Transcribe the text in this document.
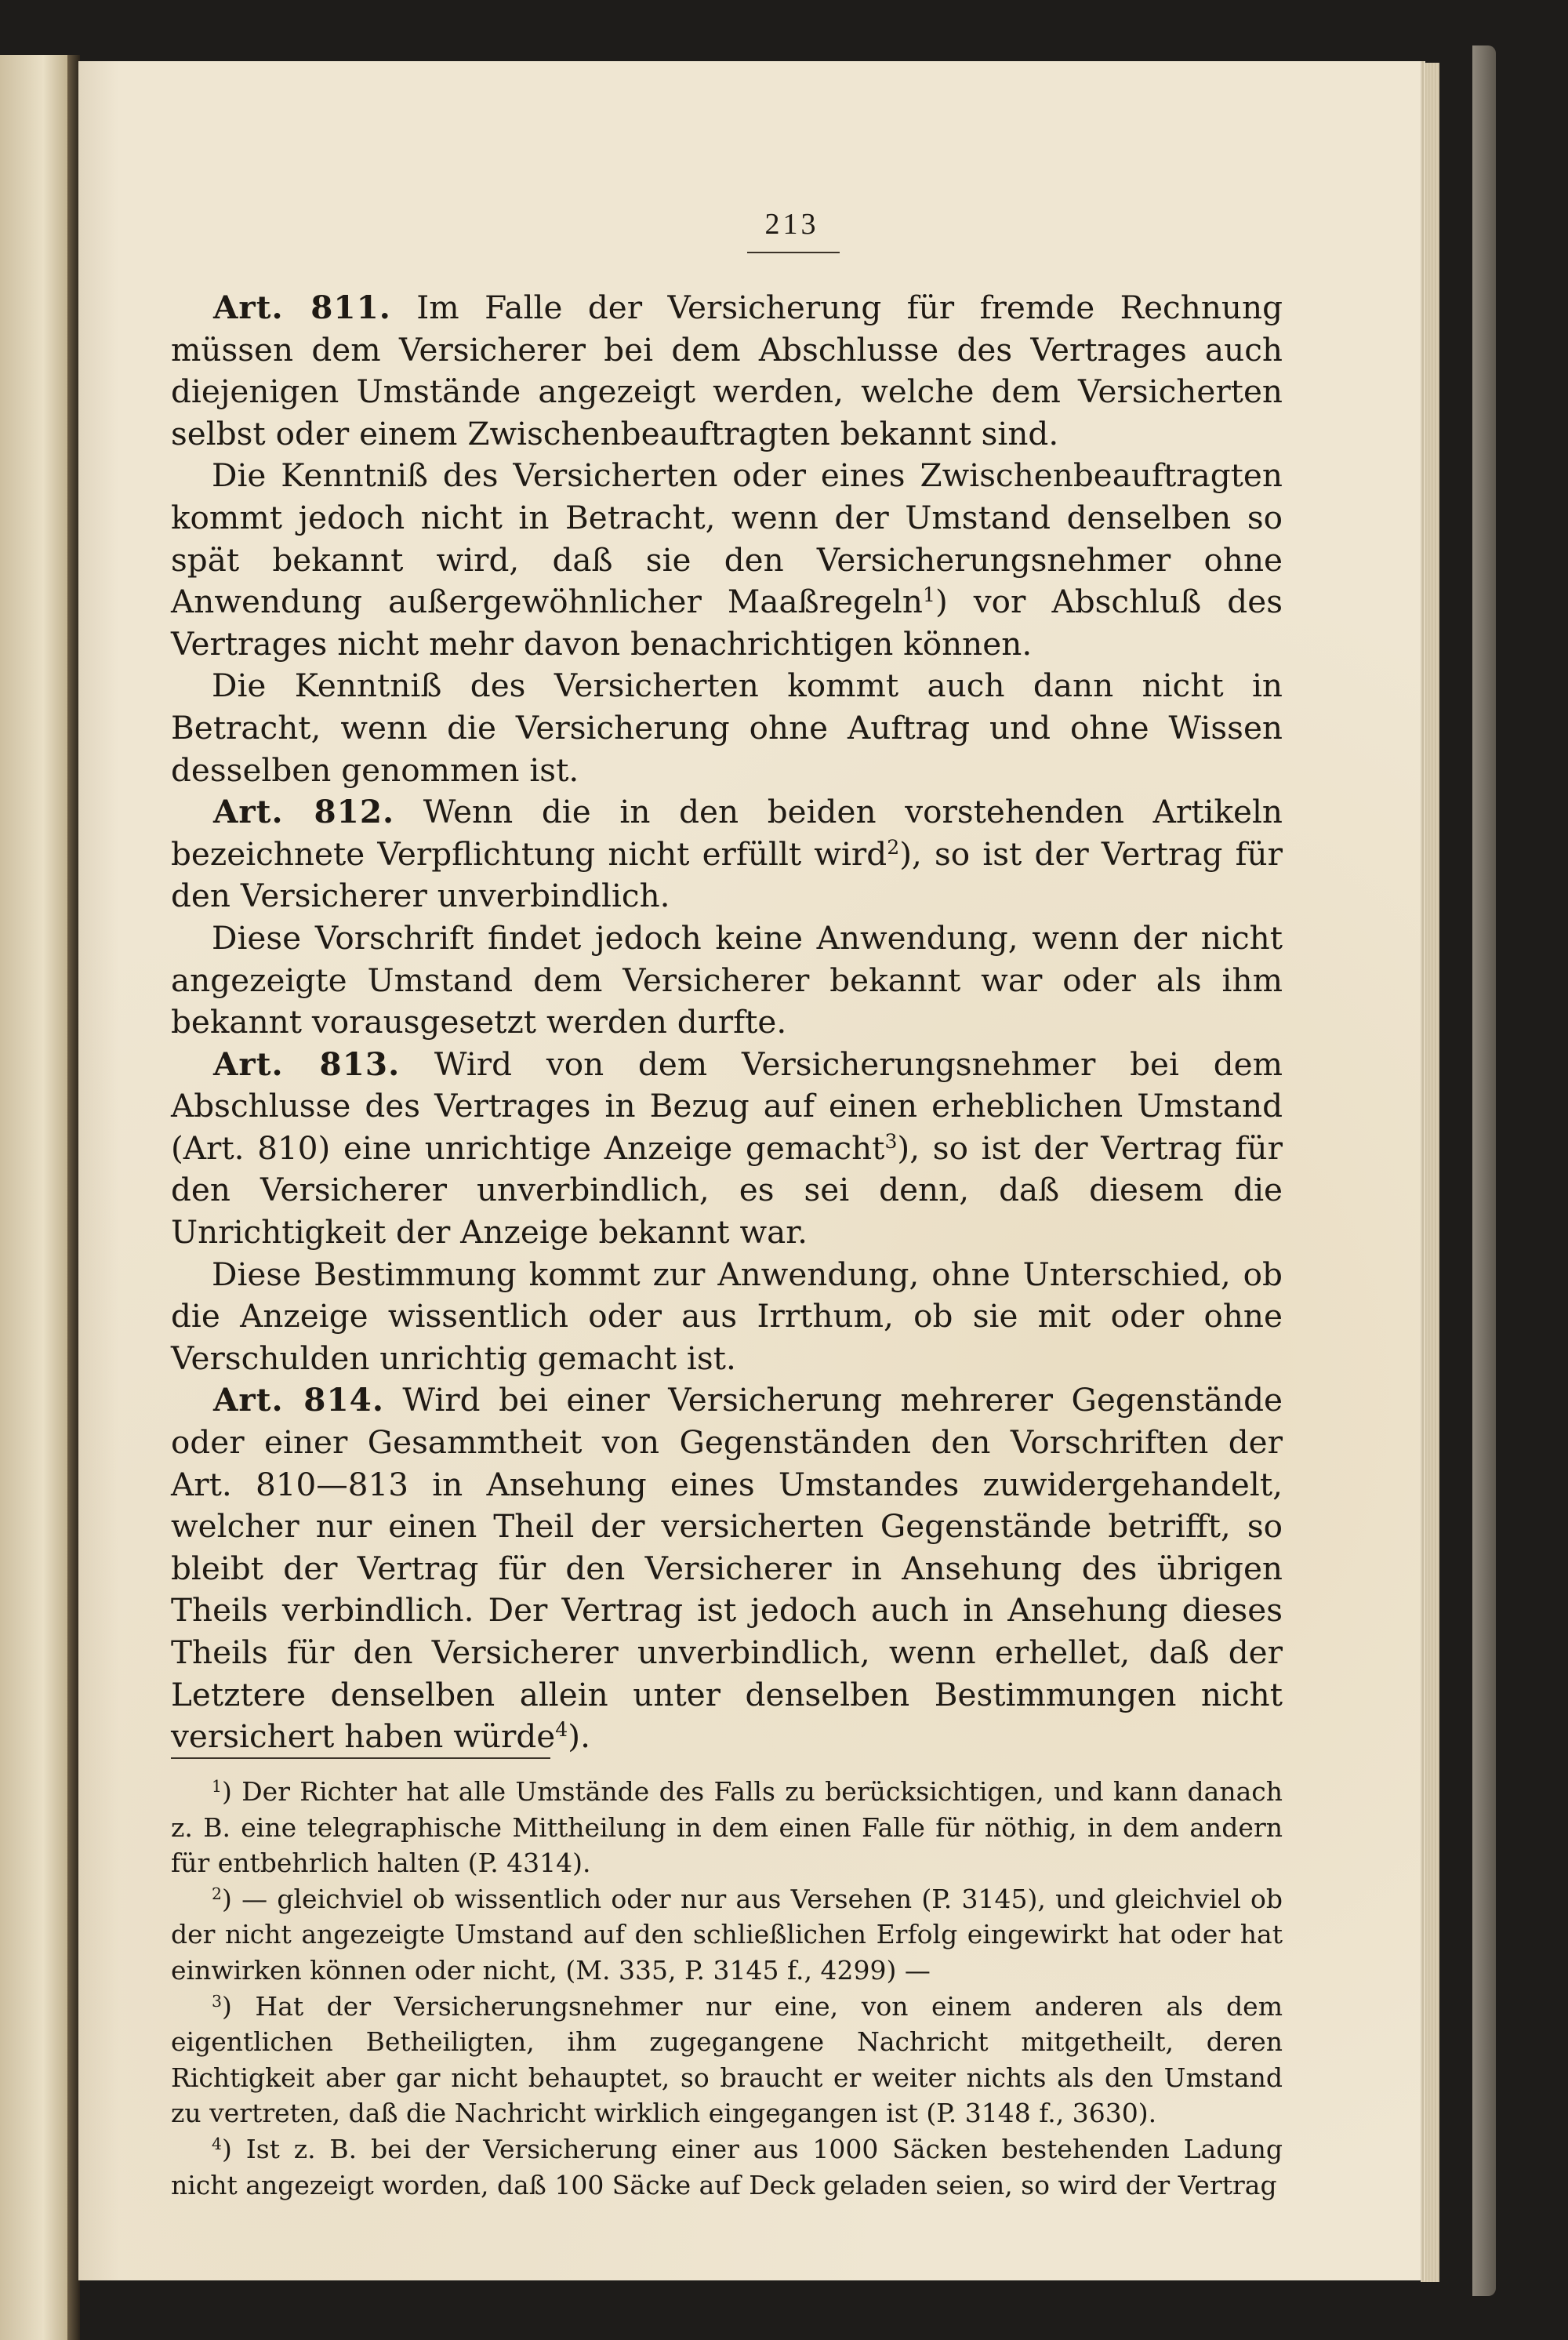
213

Art. 811. Im Falle der Versicherung für fremde Rechnung müssen dem Versicherer bei dem Abschlusse des Vertrages auch diejenigen Umstände angezeigt werden, welche dem Versicherten selbst oder einem Zwischenbeauftragten bekannt sind.

Die Kenntniß des Versicherten oder eines Zwischenbeauftragten kommt jedoch nicht in Betracht, wenn der Umstand denselben so spät bekannt wird, daß sie den Versicherungsnehmer ohne Anwendung außergewöhnlicher Maaßregeln$^1$) vor Abschluß des Vertrages nicht mehr davon benachrichtigen können.

Die Kenntniß des Versicherten kommt auch dann nicht in Betracht, wenn die Versicherung ohne Auftrag und ohne Wissen desselben genommen ist.

Art. 812. Wenn die in den beiden vorstehenden Artikeln bezeichnete Verpflichtung nicht erfüllt wird$^2$), so ist der Vertrag für den Versicherer unverbindlich.

Diese Vorschrift findet jedoch keine Anwendung, wenn der nicht angezeigte Umstand dem Versicherer bekannt war oder als ihm bekannt vorausgesetzt werden durfte.

Art. 813. Wird von dem Versicherungsnehmer bei dem Abschlusse des Vertrages in Bezug auf einen erheblichen Umstand (Art. 810) eine unrichtige Anzeige gemacht$^3$), so ist der Vertrag für den Versicherer unverbindlich, es sei denn, daß diesem die Unrichtigkeit der Anzeige bekannt war.

Diese Bestimmung kommt zur Anwendung, ohne Unterschied, ob die Anzeige wissentlich oder aus Irrthum, ob sie mit oder ohne Verschulden unrichtig gemacht ist.

Art. 814. Wird bei einer Versicherung mehrerer Gegenstände oder einer Gesammtheit von Gegenständen den Vorschriften der Art. 810—813 in Ansehung eines Umstandes zuwidergehandelt, welcher nur einen Theil der versicherten Gegenstände betrifft, so bleibt der Vertrag für den Versicherer in Ansehung des übrigen Theils verbindlich. Der Vertrag ist jedoch auch in Ansehung dieses Theils für den Versicherer unverbindlich, wenn erhellet, daß der Letztere denselben allein unter denselben Bestimmungen nicht versichert haben würde$^4$).

$^1$) Der Richter hat alle Umstände des Falls zu berücksichtigen, und kann danach z. B. eine telegraphische Mittheilung in dem einen Falle für nöthig, in dem andern für entbehrlich halten (P. 4314).

$^2$) — gleichviel ob wissentlich oder nur aus Versehen (P. 3145), und gleichviel ob der nicht angezeigte Umstand auf den schließlichen Erfolg eingewirkt hat oder hat einwirken können oder nicht, (M. 335, P. 3145 f., 4299) —

$^3$) Hat der Versicherungsnehmer nur eine, von einem anderen als dem eigentlichen Betheiligten, ihm zugegangene Nachricht mitgetheilt, deren Richtigkeit aber gar nicht behauptet, so braucht er weiter nichts als den Umstand zu vertreten, daß die Nachricht wirklich eingegangen ist (P. 3148 f., 3630).

$^4$) Ist z. B. bei der Versicherung einer aus 1000 Säcken bestehenden Ladung nicht angezeigt worden, daß 100 Säcke auf Deck geladen seien, so wird der Vertrag
